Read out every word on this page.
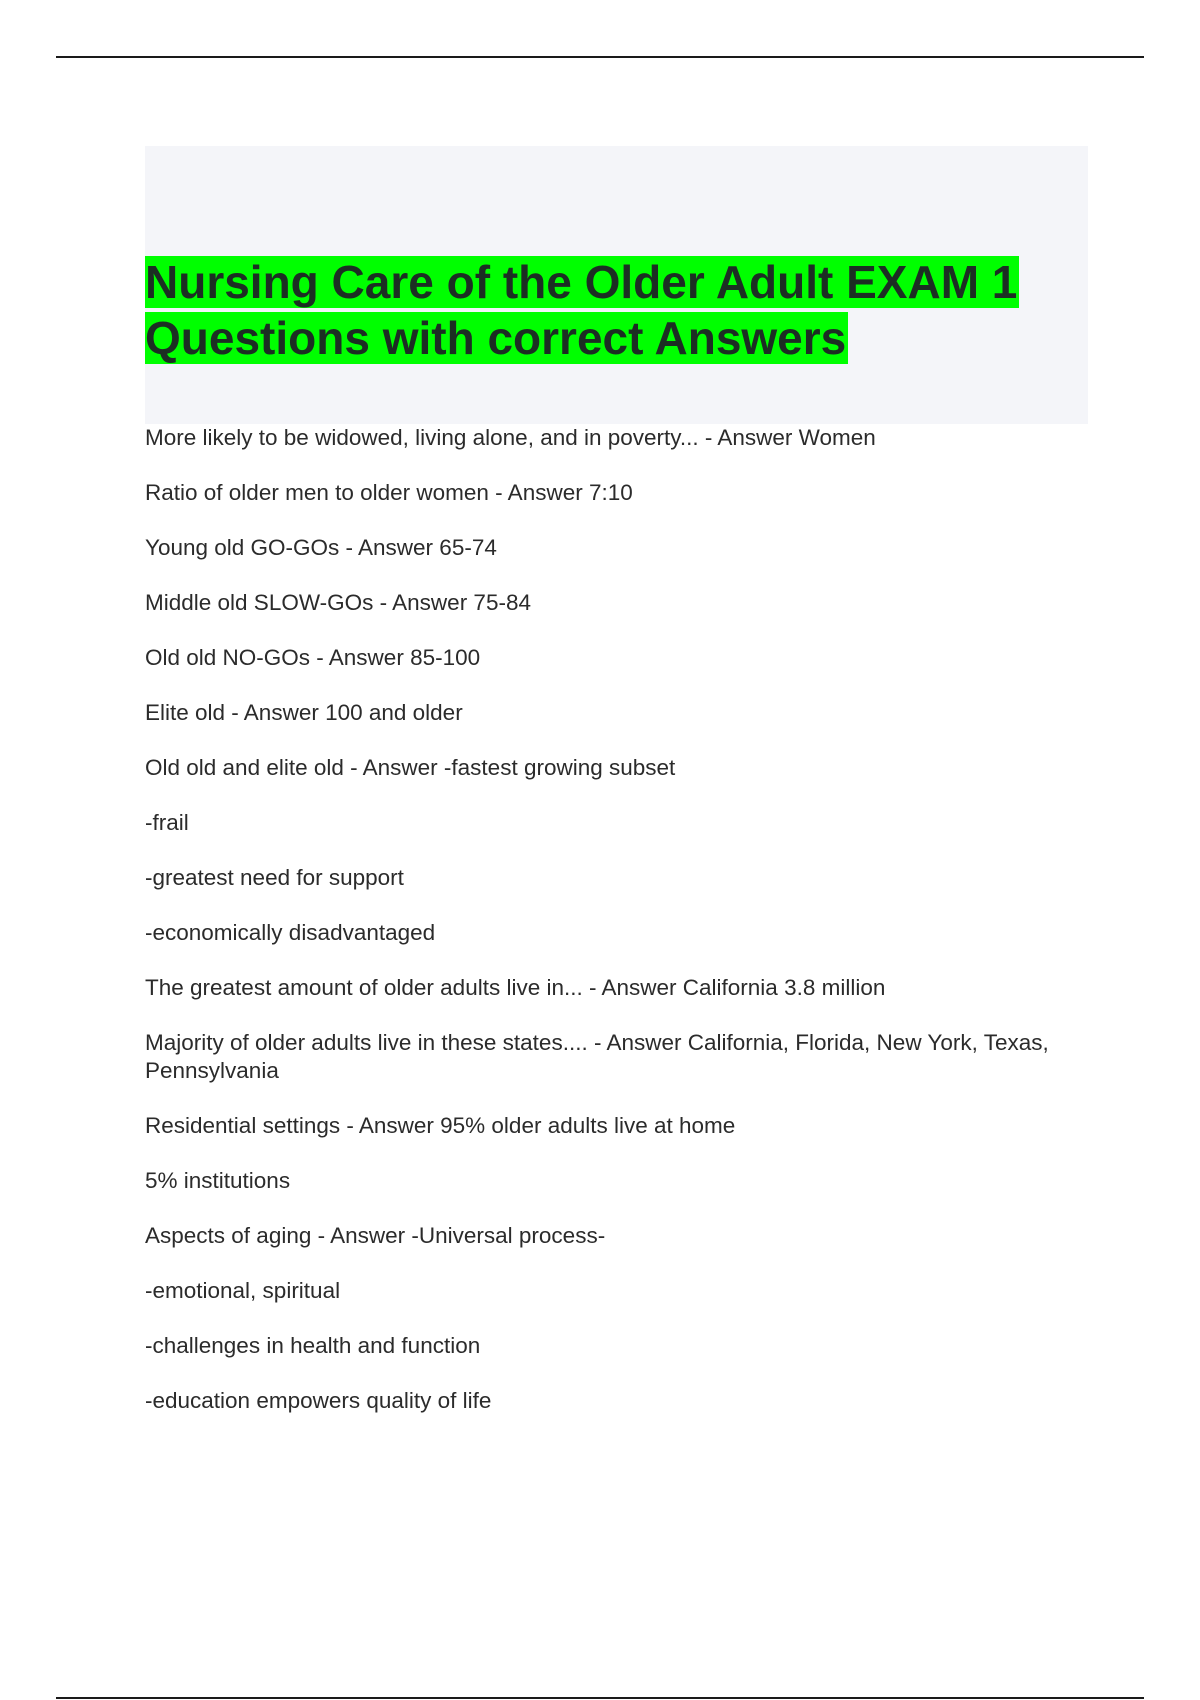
Nursing Care of the Older Adult EXAM 1 Questions with correct Answers

More likely to be widowed, living alone, and in poverty... - Answer Women

Ratio of older men to older women - Answer 7:10

Young old GO-GOs - Answer 65-74

Middle old SLOW-GOs - Answer 75-84

Old old NO-GOs - Answer 85-100

Elite old - Answer 100 and older

Old old and elite old - Answer -fastest growing subset

-frail

-greatest need for support

-economically disadvantaged

The greatest amount of older adults live in... - Answer California 3.8 million

Majority of older adults live in these states.... - Answer California, Florida, New York, Texas, Pennsylvania

Residential settings - Answer 95% older adults live at home

5% institutions

Aspects of aging - Answer -Universal process-

-emotional, spiritual

-challenges in health and function

-education empowers quality of life
